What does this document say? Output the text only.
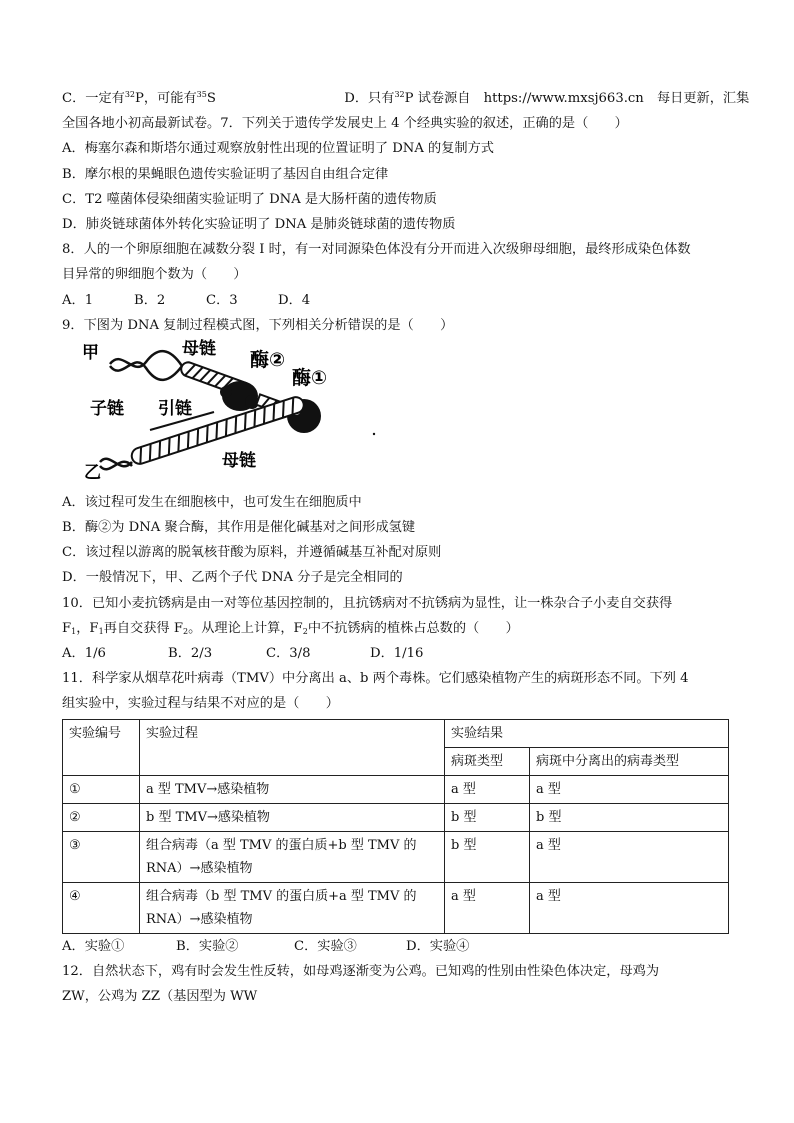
C．一定有$^{32}$P，可能有$^{35}$S	D．只有$^{32}$P 试卷源自　https://www.mxsj663.cn　每日更新，汇集
全国各地小初高最新试卷。7．下列关于遗传学发展史上 4 个经典实验的叙述，正确的是（　　）
A．梅塞尔森和斯塔尔通过观察放射性出现的位置证明了 DNA 的复制方式
B．摩尔根的果蝇眼色遗传实验证明了基因自由组合定律
C．T2 噬菌体侵染细菌实验证明了 DNA 是大肠杆菌的遗传物质
D．肺炎链球菌体外转化实验证明了 DNA 是肺炎链球菌的遗传物质
8．人的一个卵原细胞在减数分裂 I 时，有一对同源染色体没有分开而进入次级卵母细胞，最终形成染色体数
目异常的卵细胞个数为（　　）
A．1	B．2	C．3	D．4
9．下图为 DNA 复制过程模式图，下列相关分析错误的是（　　）
甲	母链 酶②
酶①
子链 引链
乙
母链
A．该过程可发生在细胞核中，也可发生在细胞质中
B．酶②为 DNA 聚合酶，其作用是催化碱基对之间形成氢键
C．该过程以游离的脱氧核苷酸为原料，并遵循碱基互补配对原则
D．一般情况下，甲、乙两个子代 DNA 分子是完全相同的
10．已知小麦抗锈病是由一对等位基因控制的，且抗锈病对不抗锈病为显性，让一株杂合子小麦自交获得
$F_1$，$F_1$再自交获得 $F_2$。从理论上计算，$F_2$中不抗锈病的植株占总数的（　　）
A．1/6	B．2/3	C．3/8	D．1/16
11．科学家从烟草花叶病毒（TMV）中分离出 a、b 两个毒株。它们感染植物产生的病斑形态不同。下列 4
组实验中，实验过程与结果不对应的是（　　）
实验编号	实验过程	实验结果	
		病斑类型	病斑中分离出的病毒类型
①	a 型 TMV→感染植物	a 型	a 型
②	b 型 TMV→感染植物	b 型	b 型
③	组合病毒（a 型 TMV 的蛋白质+b 型 TMV 的
RNA）→感染植物	b 型	a 型
④	组合病毒（b 型 TMV 的蛋白质+a 型 TMV 的
RNA）→感染植物	a 型	a 型
A．实验①	B．实验②	C．实验③	D．实验④
12．自然状态下，鸡有时会发生性反转，如母鸡逐渐变为公鸡。已知鸡的性别由性染色体决定，母鸡为
ZW，公鸡为 ZZ（基因型为 WW
